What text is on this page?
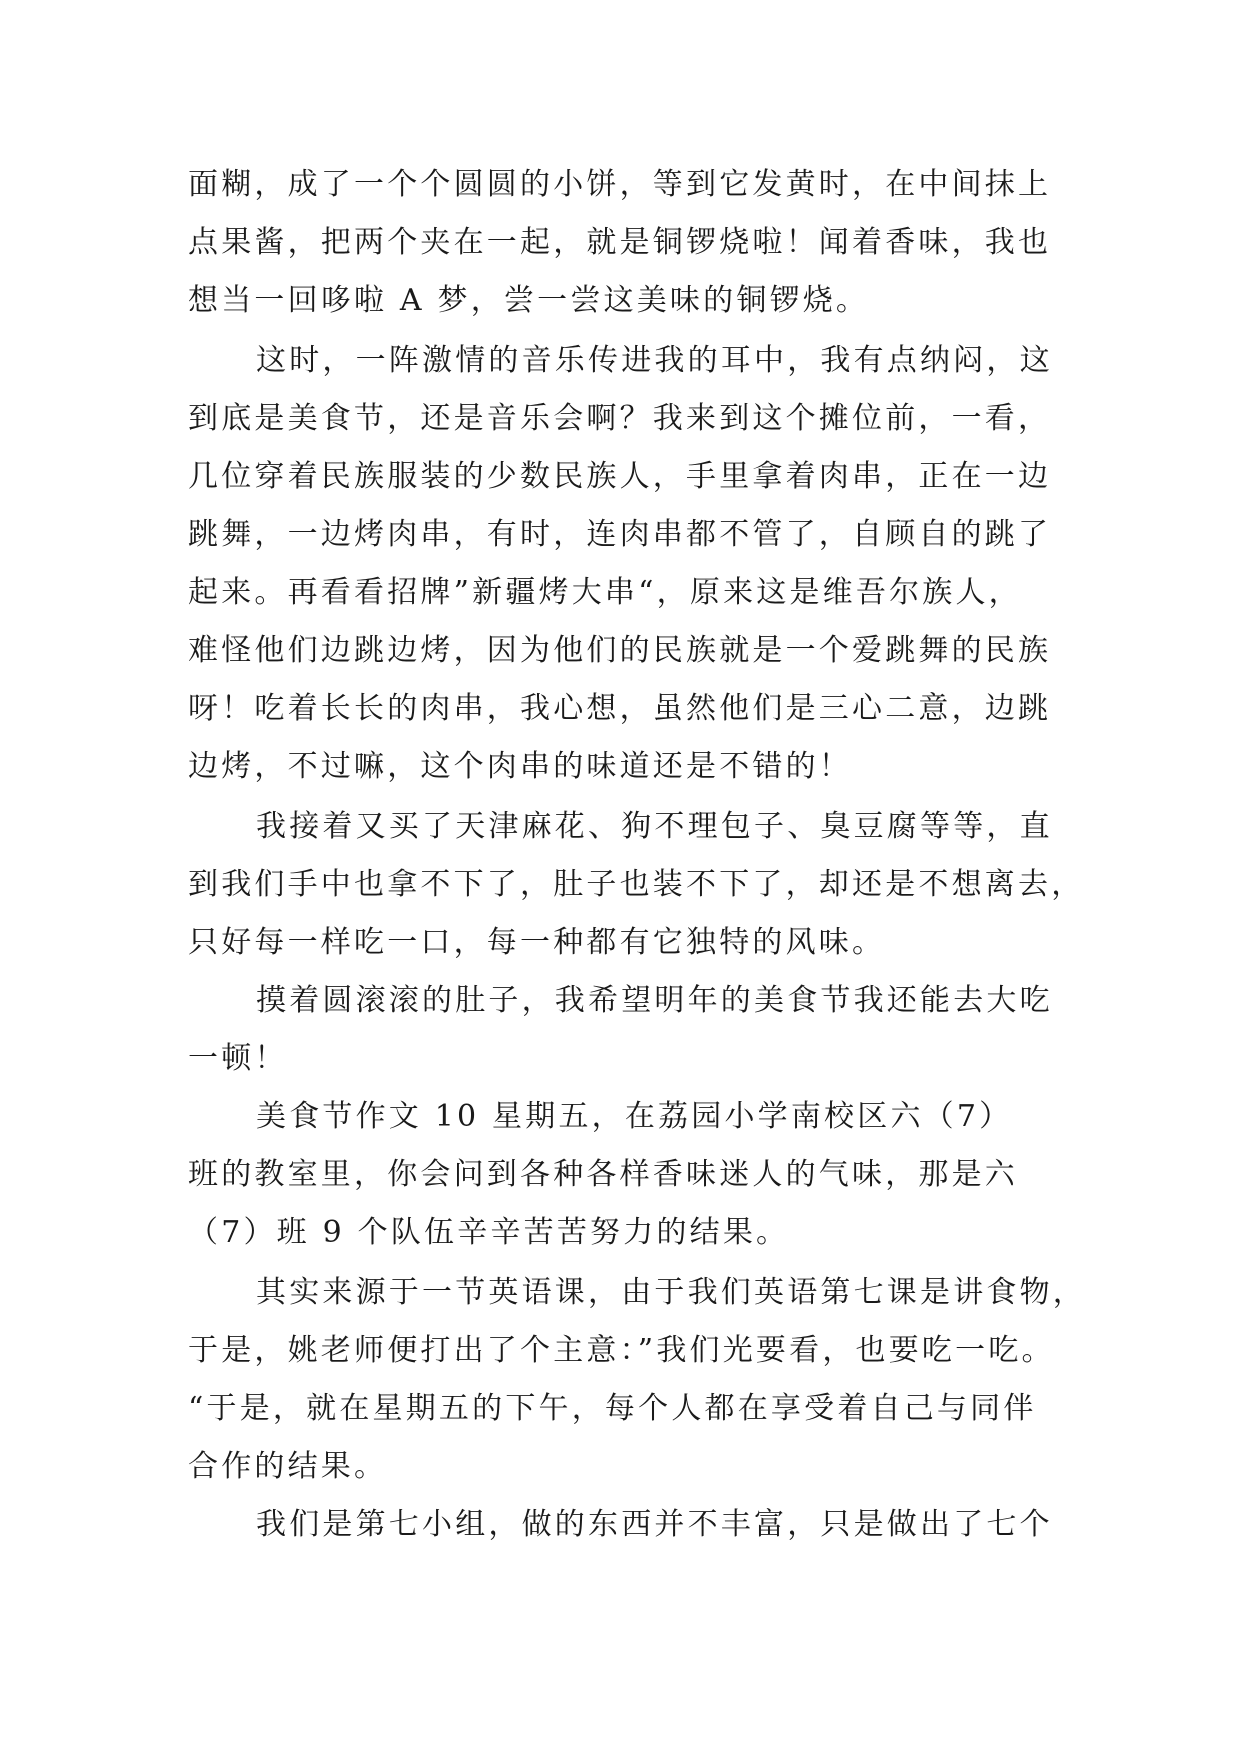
面糊，成了一个个圆圆的小饼，等到它发黄时，在中间抹上
点果酱，把两个夹在一起，就是铜锣烧啦！闻着香味，我也
想当一回哆啦 A 梦，尝一尝这美味的铜锣烧。
这时，一阵激情的音乐传进我的耳中，我有点纳闷，这
到底是美食节，还是音乐会啊？我来到这个摊位前，一看，
几位穿着民族服装的少数民族人，手里拿着肉串，正在一边
跳舞，一边烤肉串，有时，连肉串都不管了，自顾自的跳了
起来。再看看招牌”新疆烤大串“，原来这是维吾尔族人，
难怪他们边跳边烤，因为他们的民族就是一个爱跳舞的民族
呀！吃着长长的肉串，我心想，虽然他们是三心二意，边跳
边烤，不过嘛，这个肉串的味道还是不错的！
我接着又买了天津麻花、狗不理包子、臭豆腐等等，直
到我们手中也拿不下了，肚子也装不下了，却还是不想离去，
只好每一样吃一口，每一种都有它独特的风味。
摸着圆滚滚的肚子，我希望明年的美食节我还能去大吃
一顿！
美食节作文 10 星期五，在荔园小学南校区六（7）
班的教室里，你会问到各种各样香味迷人的气味，那是六
（7）班 9 个队伍辛辛苦苦努力的结果。
其实来源于一节英语课，由于我们英语第七课是讲食物，
于是，姚老师便打出了个主意：”我们光要看，也要吃一吃。
“于是，就在星期五的下午，每个人都在享受着自己与同伴
合作的结果。
我们是第七小组，做的东西并不丰富，只是做出了七个
